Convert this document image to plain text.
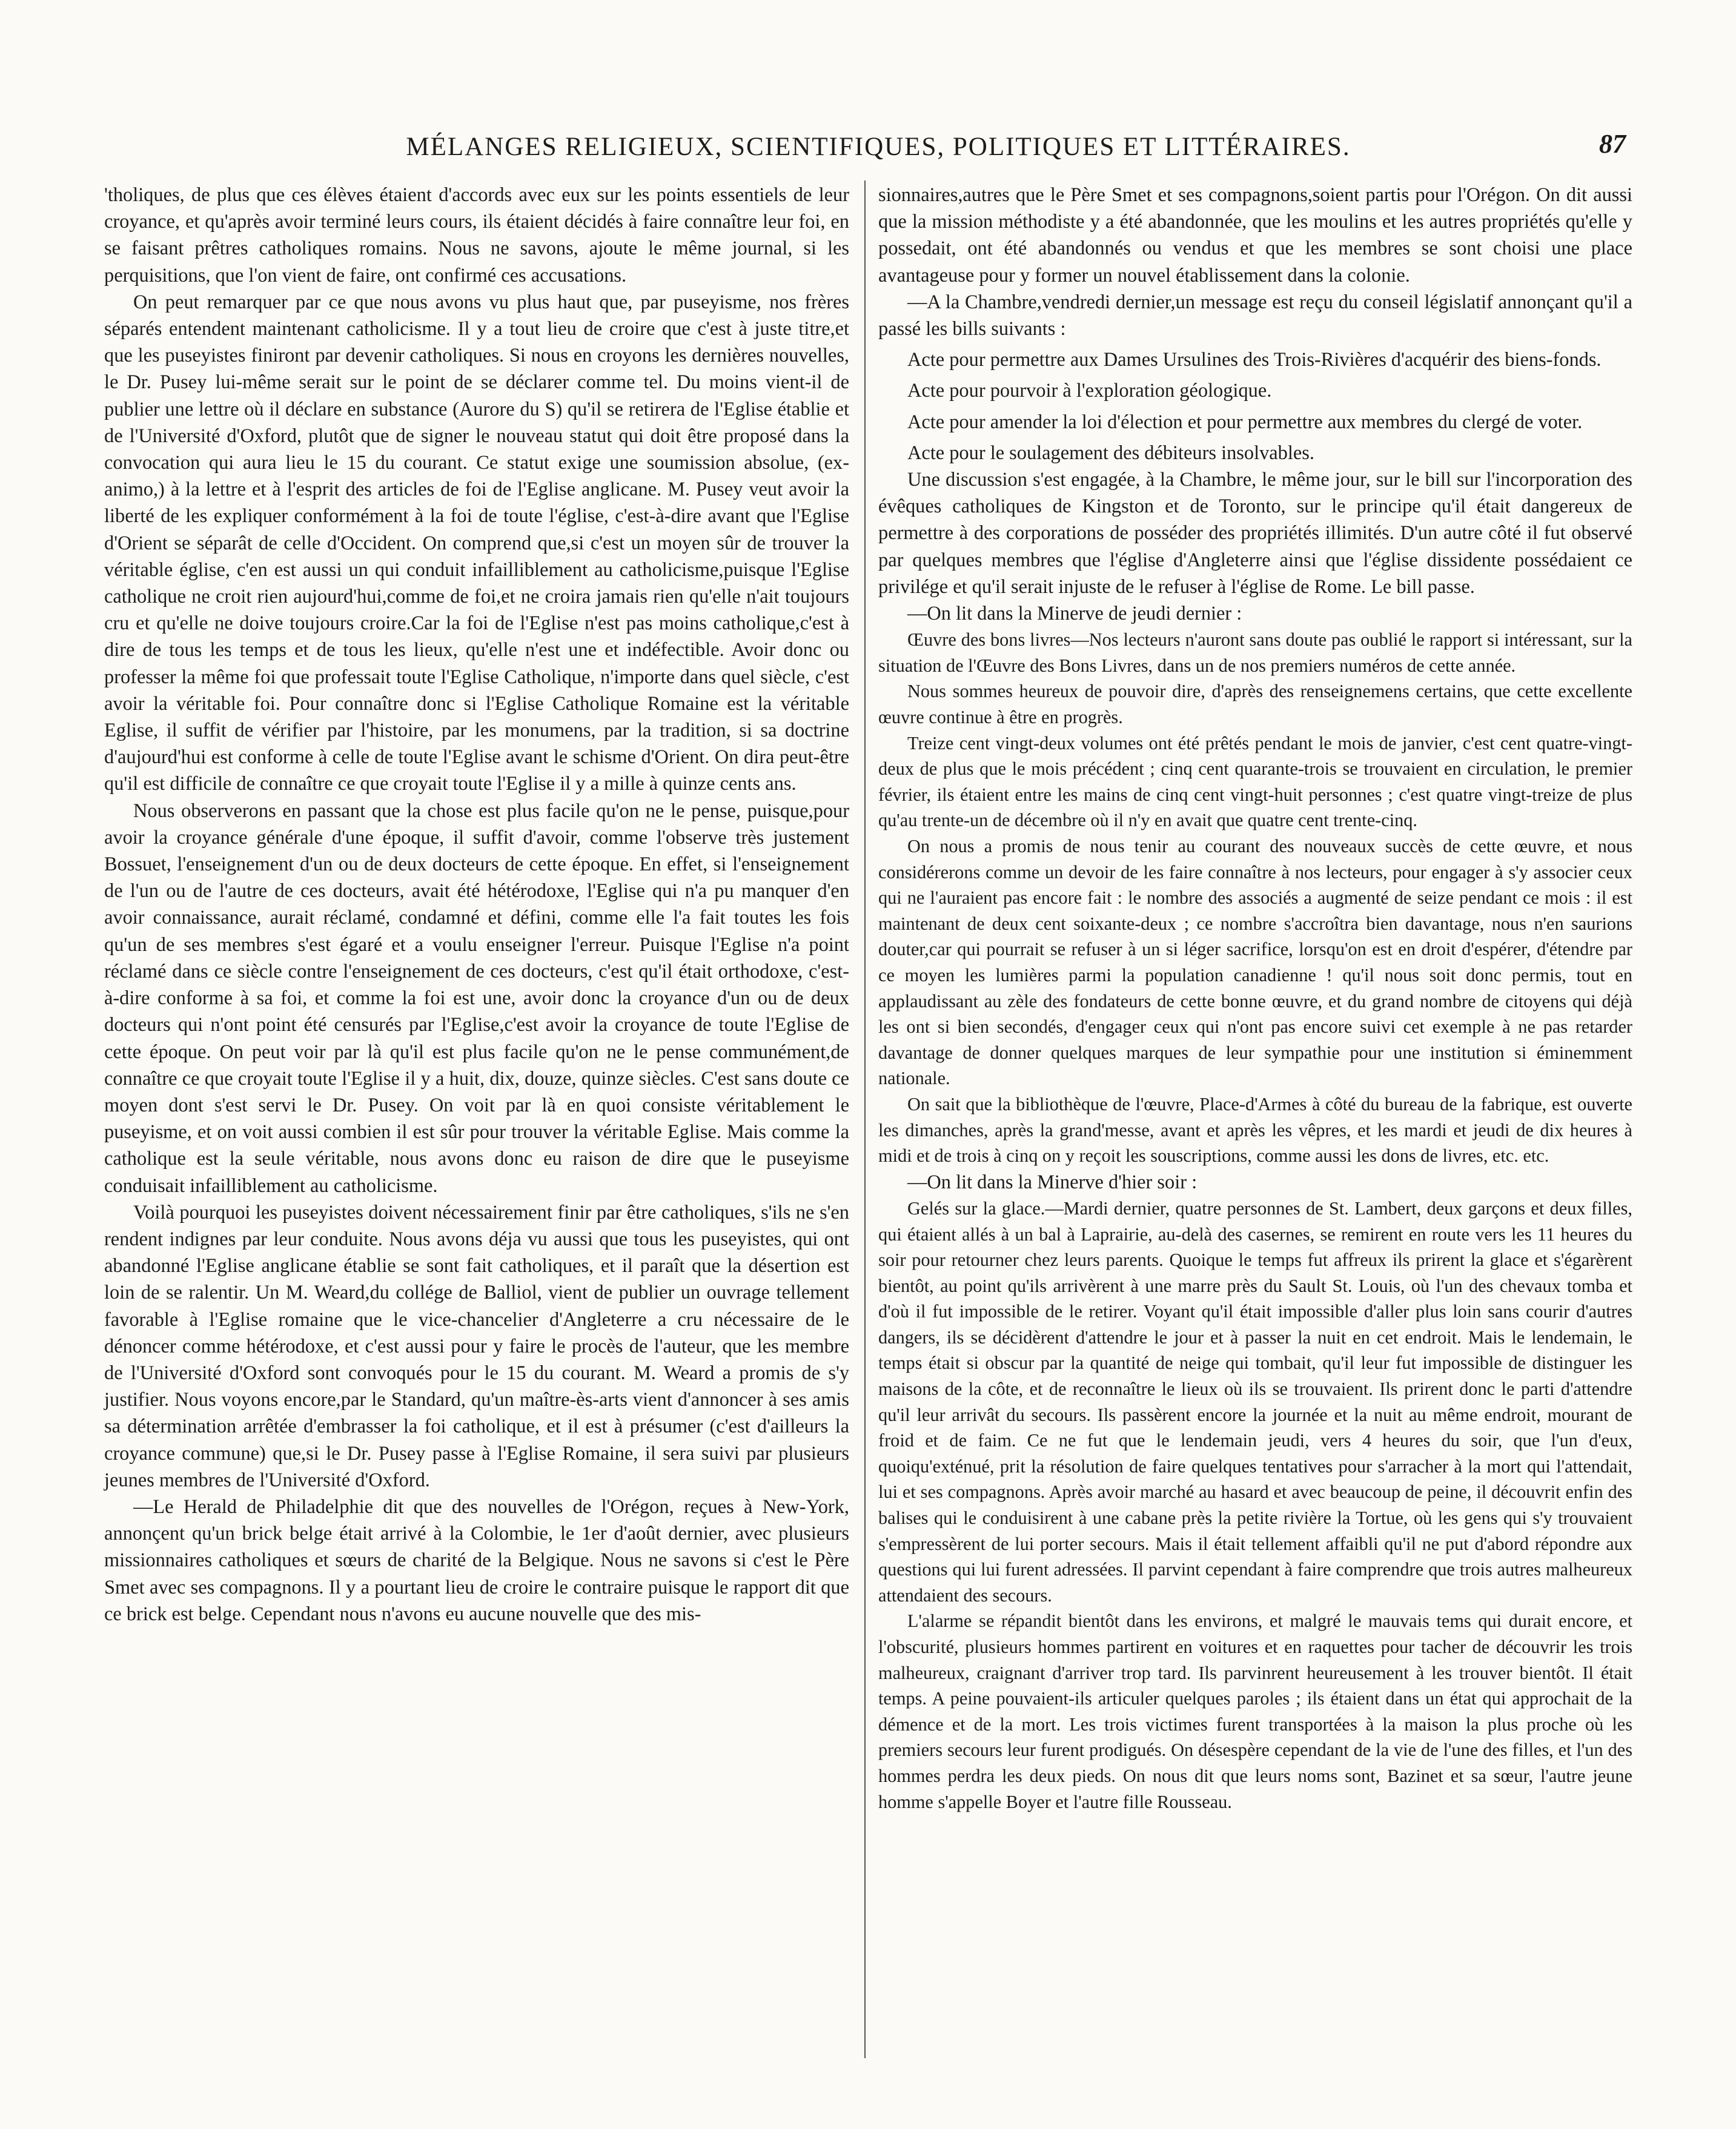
MÉLANGES RELIGIEUX, SCIENTIFIQUES, POLITIQUES ET LITTÉRAIRES.	87

'tholiques, de plus que ces élèves étaient d'accords avec eux sur les points essentiels de leur croyance, et qu'après avoir terminé leurs cours, ils étaient décidés à faire connaître leur foi, en se faisant prêtres catholiques romains. Nous ne savons, ajoute le même journal, si les perquisitions, que l'on vient de faire, ont confirmé ces accusations.

On peut remarquer par ce que nous avons vu plus haut que, par puseyisme, nos frères séparés entendent maintenant catholicisme. Il y a tout lieu de croire que c'est à juste titre,et que les puseyistes finiront par devenir catholiques. Si nous en croyons les dernières nouvelles, le Dr. Pusey lui-même serait sur le point de se déclarer comme tel. Du moins vient-il de publier une lettre où il déclare en substance (Aurore du S) qu'il se retirera de l'Eglise établie et de l'Université d'Oxford, plutôt que de signer le nouveau statut qui doit être proposé dans la convocation qui aura lieu le 15 du courant. Ce statut exige une soumission absolue, (ex-animo,) à la lettre et à l'esprit des articles de foi de l'Eglise anglicane. M. Pusey veut avoir la liberté de les expliquer conformément à la foi de toute l'église, c'est-à-dire avant que l'Eglise d'Orient se séparât de celle d'Occident. On comprend que,si c'est un moyen sûr de trouver la véritable église, c'en est aussi un qui conduit infailliblement au catholicisme,puisque l'Eglise catholique ne croit rien aujourd'hui,comme de foi,et ne croira jamais rien qu'elle n'ait toujours cru et qu'elle ne doive toujours croire.Car la foi de l'Eglise n'est pas moins catholique,c'est à dire de tous les temps et de tous les lieux, qu'elle n'est une et indéfectible. Avoir donc ou professer la même foi que professait toute l'Eglise Catholique, n'importe dans quel siècle, c'est avoir la véritable foi. Pour connaître donc si l'Eglise Catholique Romaine est la véritable Eglise, il suffit de vérifier par l'histoire, par les monumens, par la tradition, si sa doctrine d'aujourd'hui est conforme à celle de toute l'Eglise avant le schisme d'Orient. On dira peut-être qu'il est difficile de connaître ce que croyait toute l'Eglise il y a mille à quinze cents ans.

Nous observerons en passant que la chose est plus facile qu'on ne le pense, puisque,pour avoir la croyance générale d'une époque, il suffit d'avoir, comme l'observe très justement Bossuet, l'enseignement d'un ou de deux docteurs de cette époque. En effet, si l'enseignement de l'un ou de l'autre de ces docteurs, avait été hétérodoxe, l'Eglise qui n'a pu manquer d'en avoir connaissance, aurait réclamé, condamné et défini, comme elle l'a fait toutes les fois qu'un de ses membres s'est égaré et a voulu enseigner l'erreur. Puisque l'Eglise n'a point réclamé dans ce siècle contre l'enseignement de ces docteurs, c'est qu'il était orthodoxe, c'est-à-dire conforme à sa foi, et comme la foi est une, avoir donc la croyance d'un ou de deux docteurs qui n'ont point été censurés par l'Eglise,c'est avoir la croyance de toute l'Eglise de cette époque. On peut voir par là qu'il est plus facile qu'on ne le pense communément,de connaître ce que croyait toute l'Eglise il y a huit, dix, douze, quinze siècles. C'est sans doute ce moyen dont s'est servi le Dr. Pusey. On voit par là en quoi consiste véritablement le puseyisme, et on voit aussi combien il est sûr pour trouver la véritable Eglise. Mais comme la catholique est la seule véritable, nous avons donc eu raison de dire que le puseyisme conduisait infailliblement au catholicisme.

Voilà pourquoi les puseyistes doivent nécessairement finir par être catholiques, s'ils ne s'en rendent indignes par leur conduite. Nous avons déja vu aussi que tous les puseyistes, qui ont abandonné l'Eglise anglicane établie se sont fait catholiques, et il paraît que la désertion est loin de se ralentir. Un M. Weard,du collége de Balliol, vient de publier un ouvrage tellement favorable à l'Eglise romaine que le vice-chancelier d'Angleterre a cru nécessaire de le dénoncer comme hétérodoxe, et c'est aussi pour y faire le procès de l'auteur, que les membre de l'Université d'Oxford sont convoqués pour le 15 du courant. M. Weard a promis de s'y justifier. Nous voyons encore,par le Standard, qu'un maître-ès-arts vient d'annoncer à ses amis sa détermination arrêtée d'embrasser la foi catholique, et il est à présumer (c'est d'ailleurs la croyance commune) que,si le Dr. Pusey passe à l'Eglise Romaine, il sera suivi par plusieurs jeunes membres de l'Université d'Oxford.

—Le Herald de Philadelphie dit que des nouvelles de l'Orégon, reçues à New-York, annonçent qu'un brick belge était arrivé à la Colombie, le 1er d'août dernier, avec plusieurs missionnaires catholiques et sœurs de charité de la Belgique. Nous ne savons si c'est le Père Smet avec ses compagnons. Il y a pourtant lieu de croire le contraire puisque le rapport dit que ce brick est belge. Cependant nous n'avons eu aucune nouvelle que des mis-

sionnaires,autres que le Père Smet et ses compagnons,soient partis pour l'Orégon. On dit aussi que la mission méthodiste y a été abandonnée, que les moulins et les autres propriétés qu'elle y possedait, ont été abandonnés ou vendus et que les membres se sont choisi une place avantageuse pour y former un nouvel établissement dans la colonie.

—A la Chambre,vendredi dernier,un message est reçu du conseil législatif annonçant qu'il a passé les bills suivants :

Acte pour permettre aux Dames Ursulines des Trois-Rivières d'acquérir des biens-fonds.

Acte pour pourvoir à l'exploration géologique.

Acte pour amender la loi d'élection et pour permettre aux membres du clergé de voter.

Acte pour le soulagement des débiteurs insolvables.

Une discussion s'est engagée, à la Chambre, le même jour, sur le bill sur l'incorporation des évêques catholiques de Kingston et de Toronto, sur le principe qu'il était dangereux de permettre à des corporations de posséder des propriétés illimités. D'un autre côté il fut observé par quelques membres que l'église d'Angleterre ainsi que l'église dissidente possédaient ce privilége et qu'il serait injuste de le refuser à l'église de Rome. Le bill passe.

—On lit dans la Minerve de jeudi dernier :

Œuvre des bons livres—Nos lecteurs n'auront sans doute pas oublié le rapport si intéressant, sur la situation de l'Œuvre des Bons Livres, dans un de nos premiers numéros de cette année.

Nous sommes heureux de pouvoir dire, d'après des renseignemens certains, que cette excellente œuvre continue à être en progrès.

Treize cent vingt-deux volumes ont été prêtés pendant le mois de janvier, c'est cent quatre-vingt-deux de plus que le mois précédent ; cinq cent quarante-trois se trouvaient en circulation, le premier février, ils étaient entre les mains de cinq cent vingt-huit personnes ; c'est quatre vingt-treize de plus qu'au trente-un de décembre où il n'y en avait que quatre cent trente-cinq.

On nous a promis de nous tenir au courant des nouveaux succès de cette œuvre, et nous considérerons comme un devoir de les faire connaître à nos lecteurs, pour engager à s'y associer ceux qui ne l'auraient pas encore fait : le nombre des associés a augmenté de seize pendant ce mois : il est maintenant de deux cent soixante-deux ; ce nombre s'accroîtra bien davantage, nous n'en saurions douter,car qui pourrait se refuser à un si léger sacrifice, lorsqu'on est en droit d'espérer, d'étendre par ce moyen les lumières parmi la population canadienne ! qu'il nous soit donc permis, tout en applaudissant au zèle des fondateurs de cette bonne œuvre, et du grand nombre de citoyens qui déjà les ont si bien secondés, d'engager ceux qui n'ont pas encore suivi cet exemple à ne pas retarder davantage de donner quelques marques de leur sympathie pour une institution si éminemment nationale.

On sait que la bibliothèque de l'œuvre, Place-d'Armes à côté du bureau de la fabrique, est ouverte les dimanches, après la grand'messe, avant et après les vêpres, et les mardi et jeudi de dix heures à midi et de trois à cinq on y reçoit les souscriptions, comme aussi les dons de livres, etc. etc.

—On lit dans la Minerve d'hier soir :

Gelés sur la glace.—Mardi dernier, quatre personnes de St. Lambert, deux garçons et deux filles, qui étaient allés à un bal à Laprairie, au-delà des casernes, se remirent en route vers les 11 heures du soir pour retourner chez leurs parents. Quoique le temps fut affreux ils prirent la glace et s'égarèrent bientôt, au point qu'ils arrivèrent à une marre près du Sault St. Louis, où l'un des chevaux tomba et d'où il fut impossible de le retirer. Voyant qu'il était impossible d'aller plus loin sans courir d'autres dangers, ils se décidèrent d'attendre le jour et à passer la nuit en cet endroit. Mais le lendemain, le temps était si obscur par la quantité de neige qui tombait, qu'il leur fut impossible de distinguer les maisons de la côte, et de reconnaître le lieux où ils se trouvaient. Ils prirent donc le parti d'attendre qu'il leur arrivât du secours. Ils passèrent encore la journée et la nuit au même endroit, mourant de froid et de faim. Ce ne fut que le lendemain jeudi, vers 4 heures du soir, que l'un d'eux, quoiqu'exténué, prit la résolution de faire quelques tentatives pour s'arracher à la mort qui l'attendait, lui et ses compagnons. Après avoir marché au hasard et avec beaucoup de peine, il découvrit enfin des balises qui le conduisirent à une cabane près la petite rivière la Tortue, où les gens qui s'y trouvaient s'empressèrent de lui porter secours. Mais il était tellement affaibli qu'il ne put d'abord répondre aux questions qui lui furent adressées. Il parvint cependant à faire comprendre que trois autres malheureux attendaient des secours.

L'alarme se répandit bientôt dans les environs, et malgré le mauvais tems qui durait encore, et l'obscurité, plusieurs hommes partirent en voitures et en raquettes pour tacher de découvrir les trois malheureux, craignant d'arriver trop tard. Ils parvinrent heureusement à les trouver bientôt. Il était temps. A peine pouvaient-ils articuler quelques paroles ; ils étaient dans un état qui approchait de la démence et de la mort. Les trois victimes furent transportées à la maison la plus proche où les premiers secours leur furent prodigués. On désespère cependant de la vie de l'une des filles, et l'un des hommes perdra les deux pieds. On nous dit que leurs noms sont, Bazinet et sa sœur, l'autre jeune homme s'appelle Boyer et l'autre fille Rousseau.
